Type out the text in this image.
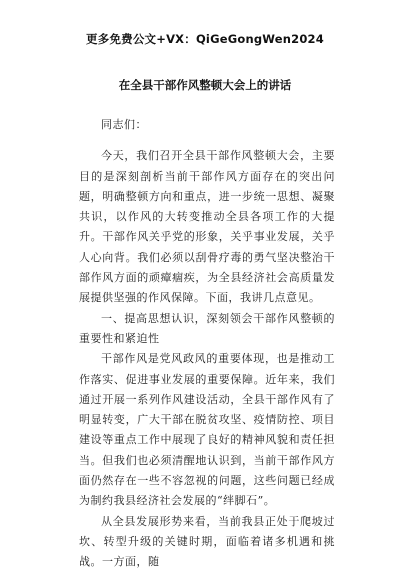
更多免费公文+VX：QiGeGongWen2024
在全县干部作风整顿大会上的讲话

同志们：

今天，我们召开全县干部作风整顿大会，主要目的是深刻剖析当前干部作风方面存在的突出问题，明确整顿方向和重点，进一步统一思想、凝聚共识，以作风的大转变推动全县各项工作的大提升。干部作风关乎党的形象，关乎事业发展，关乎人心向背。我们必须以刮骨疗毒的勇气坚决整治干部作风方面的顽瘴痼疾，为全县经济社会高质量发展提供坚强的作风保障。下面，我讲几点意见。

一、提高思想认识，深刻领会干部作风整顿的重要性和紧迫性

干部作风是党风政风的重要体现，也是推动工作落实、促进事业发展的重要保障。近年来，我们通过开展一系列作风建设活动，全县干部作风有了明显转变，广大干部在脱贫攻坚、疫情防控、项目建设等重点工作中展现了良好的精神风貌和责任担当。但我们也必须清醒地认识到，当前干部作风方面仍然存在一些不容忽视的问题，这些问题已经成为制约我县经济社会发展的“绊脚石”。

从全县发展形势来看，当前我县正处于爬坡过坎、转型升级的关键时期，面临着诸多机遇和挑战。一方面，随
